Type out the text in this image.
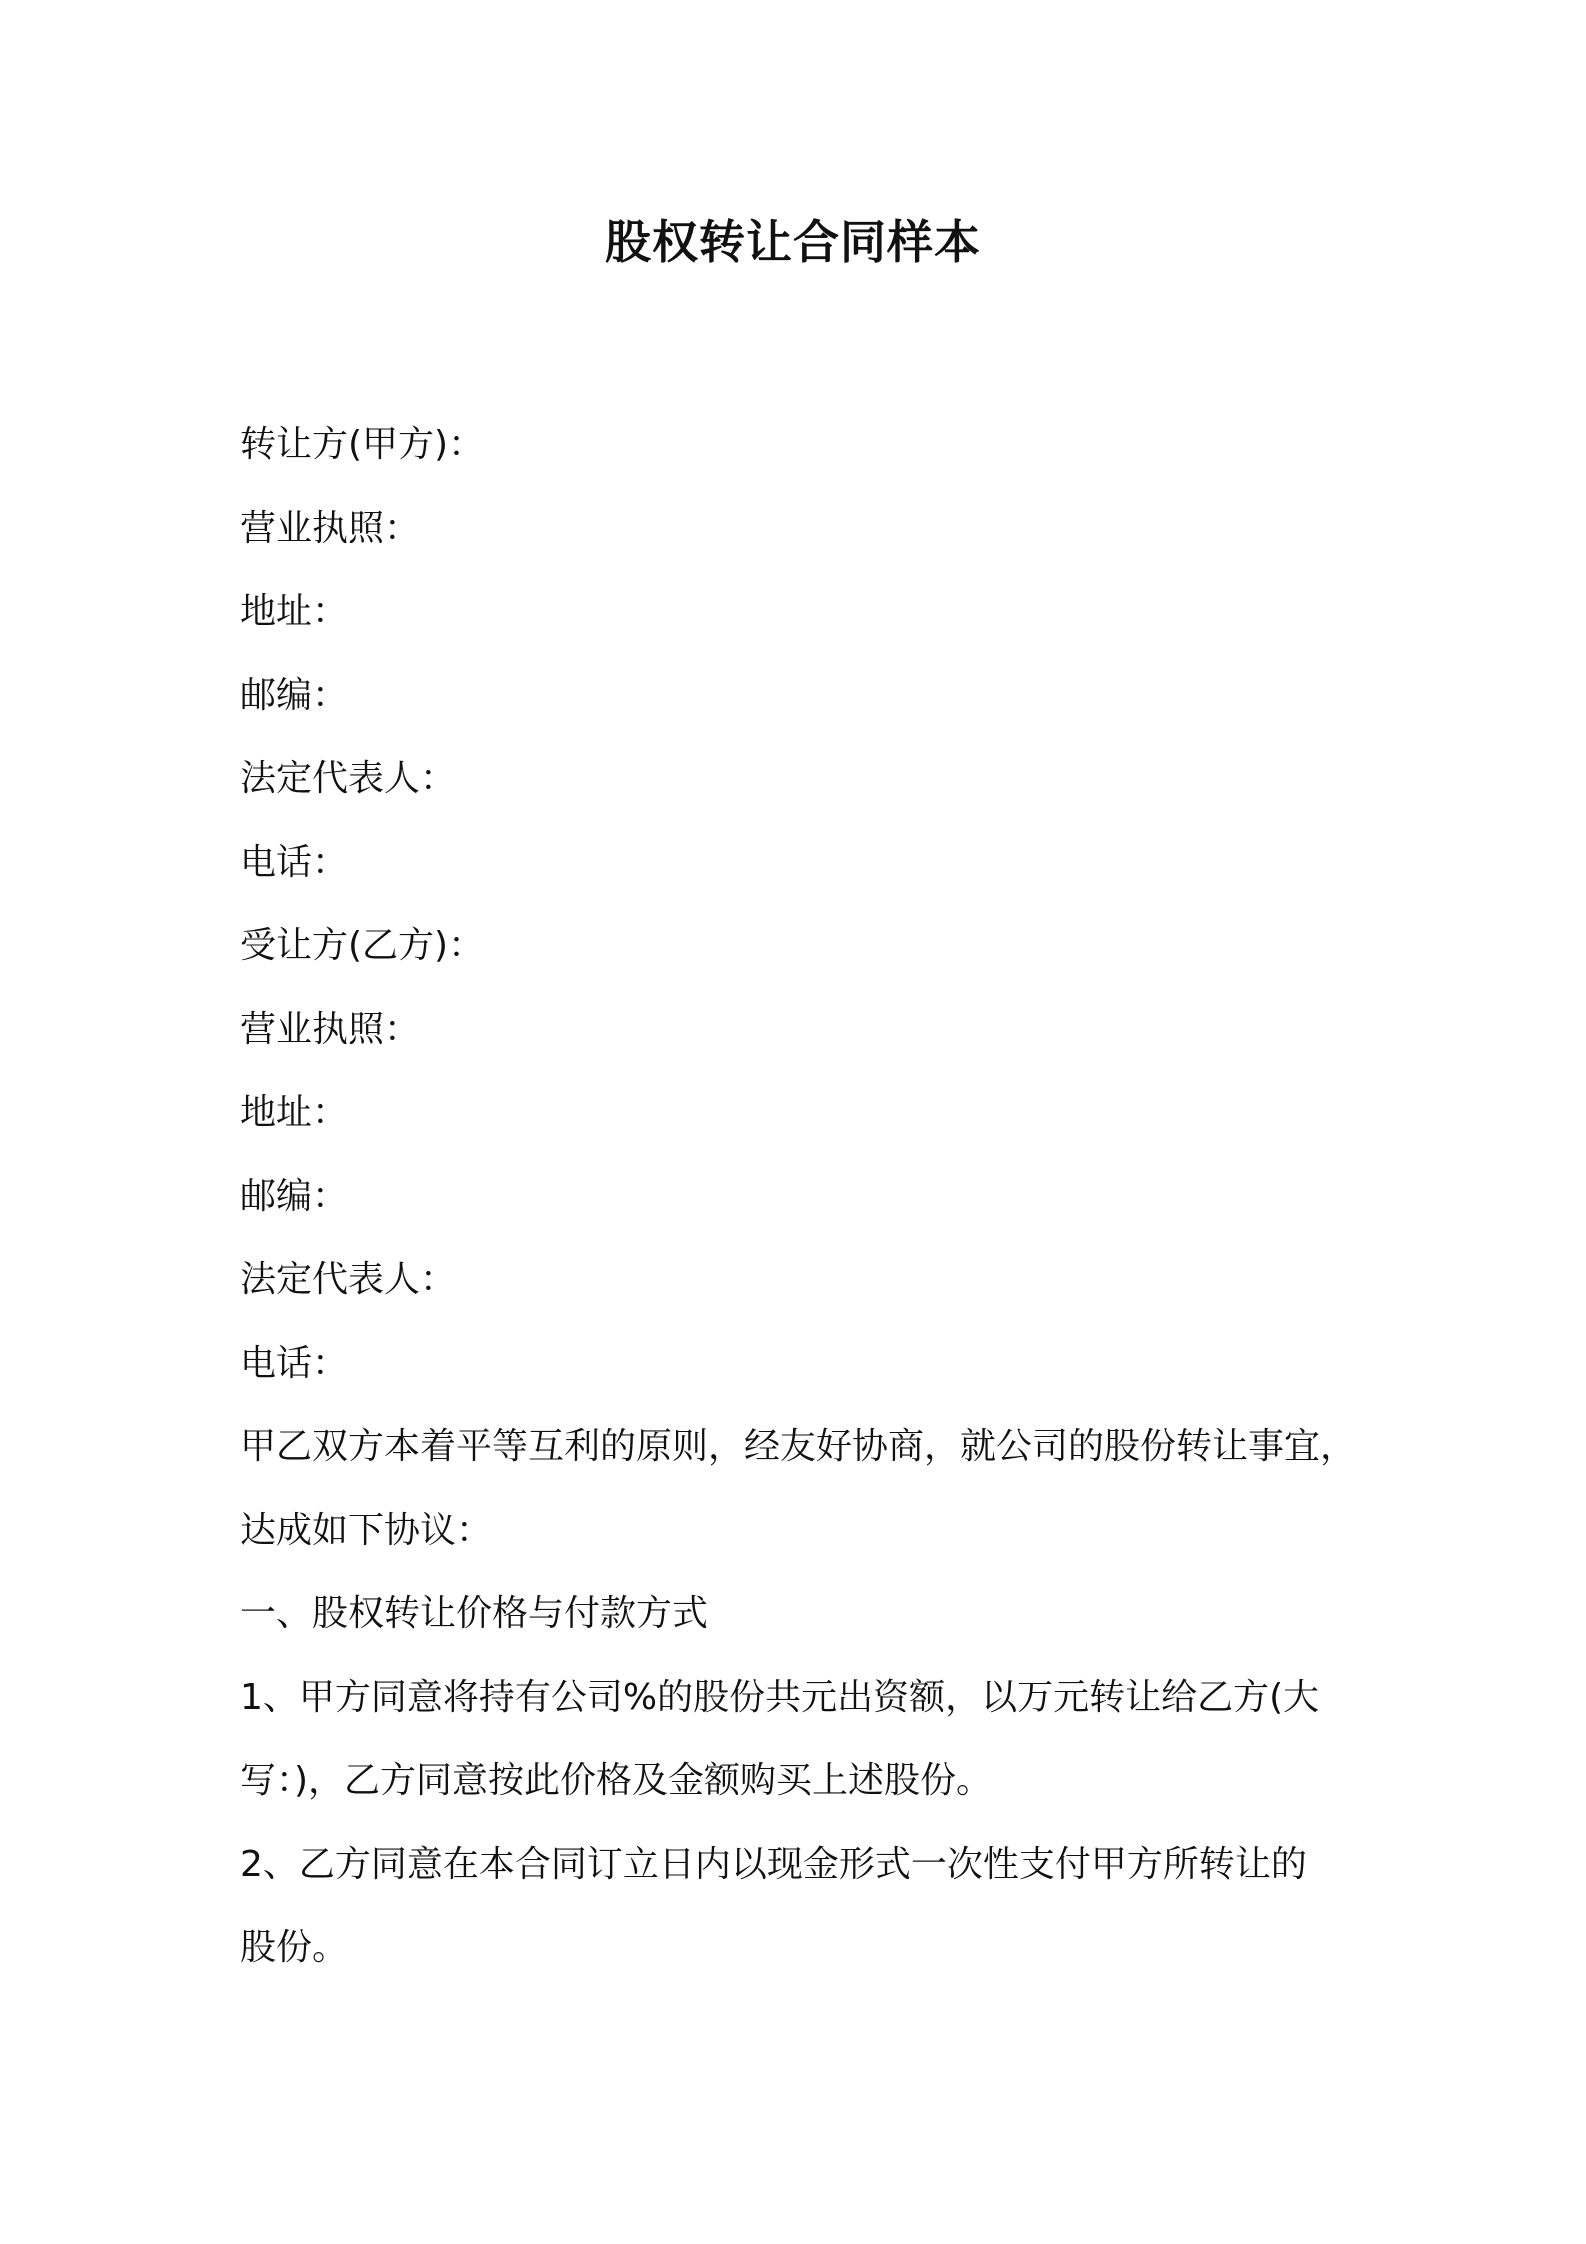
股权转让合同样本
转让方(甲方)：
营业执照：
地址：
邮编：
法定代表人：
电话：
受让方(乙方)：
营业执照：
地址：
邮编：
法定代表人：
电话：
甲乙双方本着平等互利的原则，经友好协商，就公司的股份转让事宜，
达成如下协议：
一、股权转让价格与付款方式
1、甲方同意将持有公司%的股份共元出资额，以万元转让给乙方(大
写：)，乙方同意按此价格及金额购买上述股份。
2、乙方同意在本合同订立日内以现金形式一次性支付甲方所转让的
股份。
